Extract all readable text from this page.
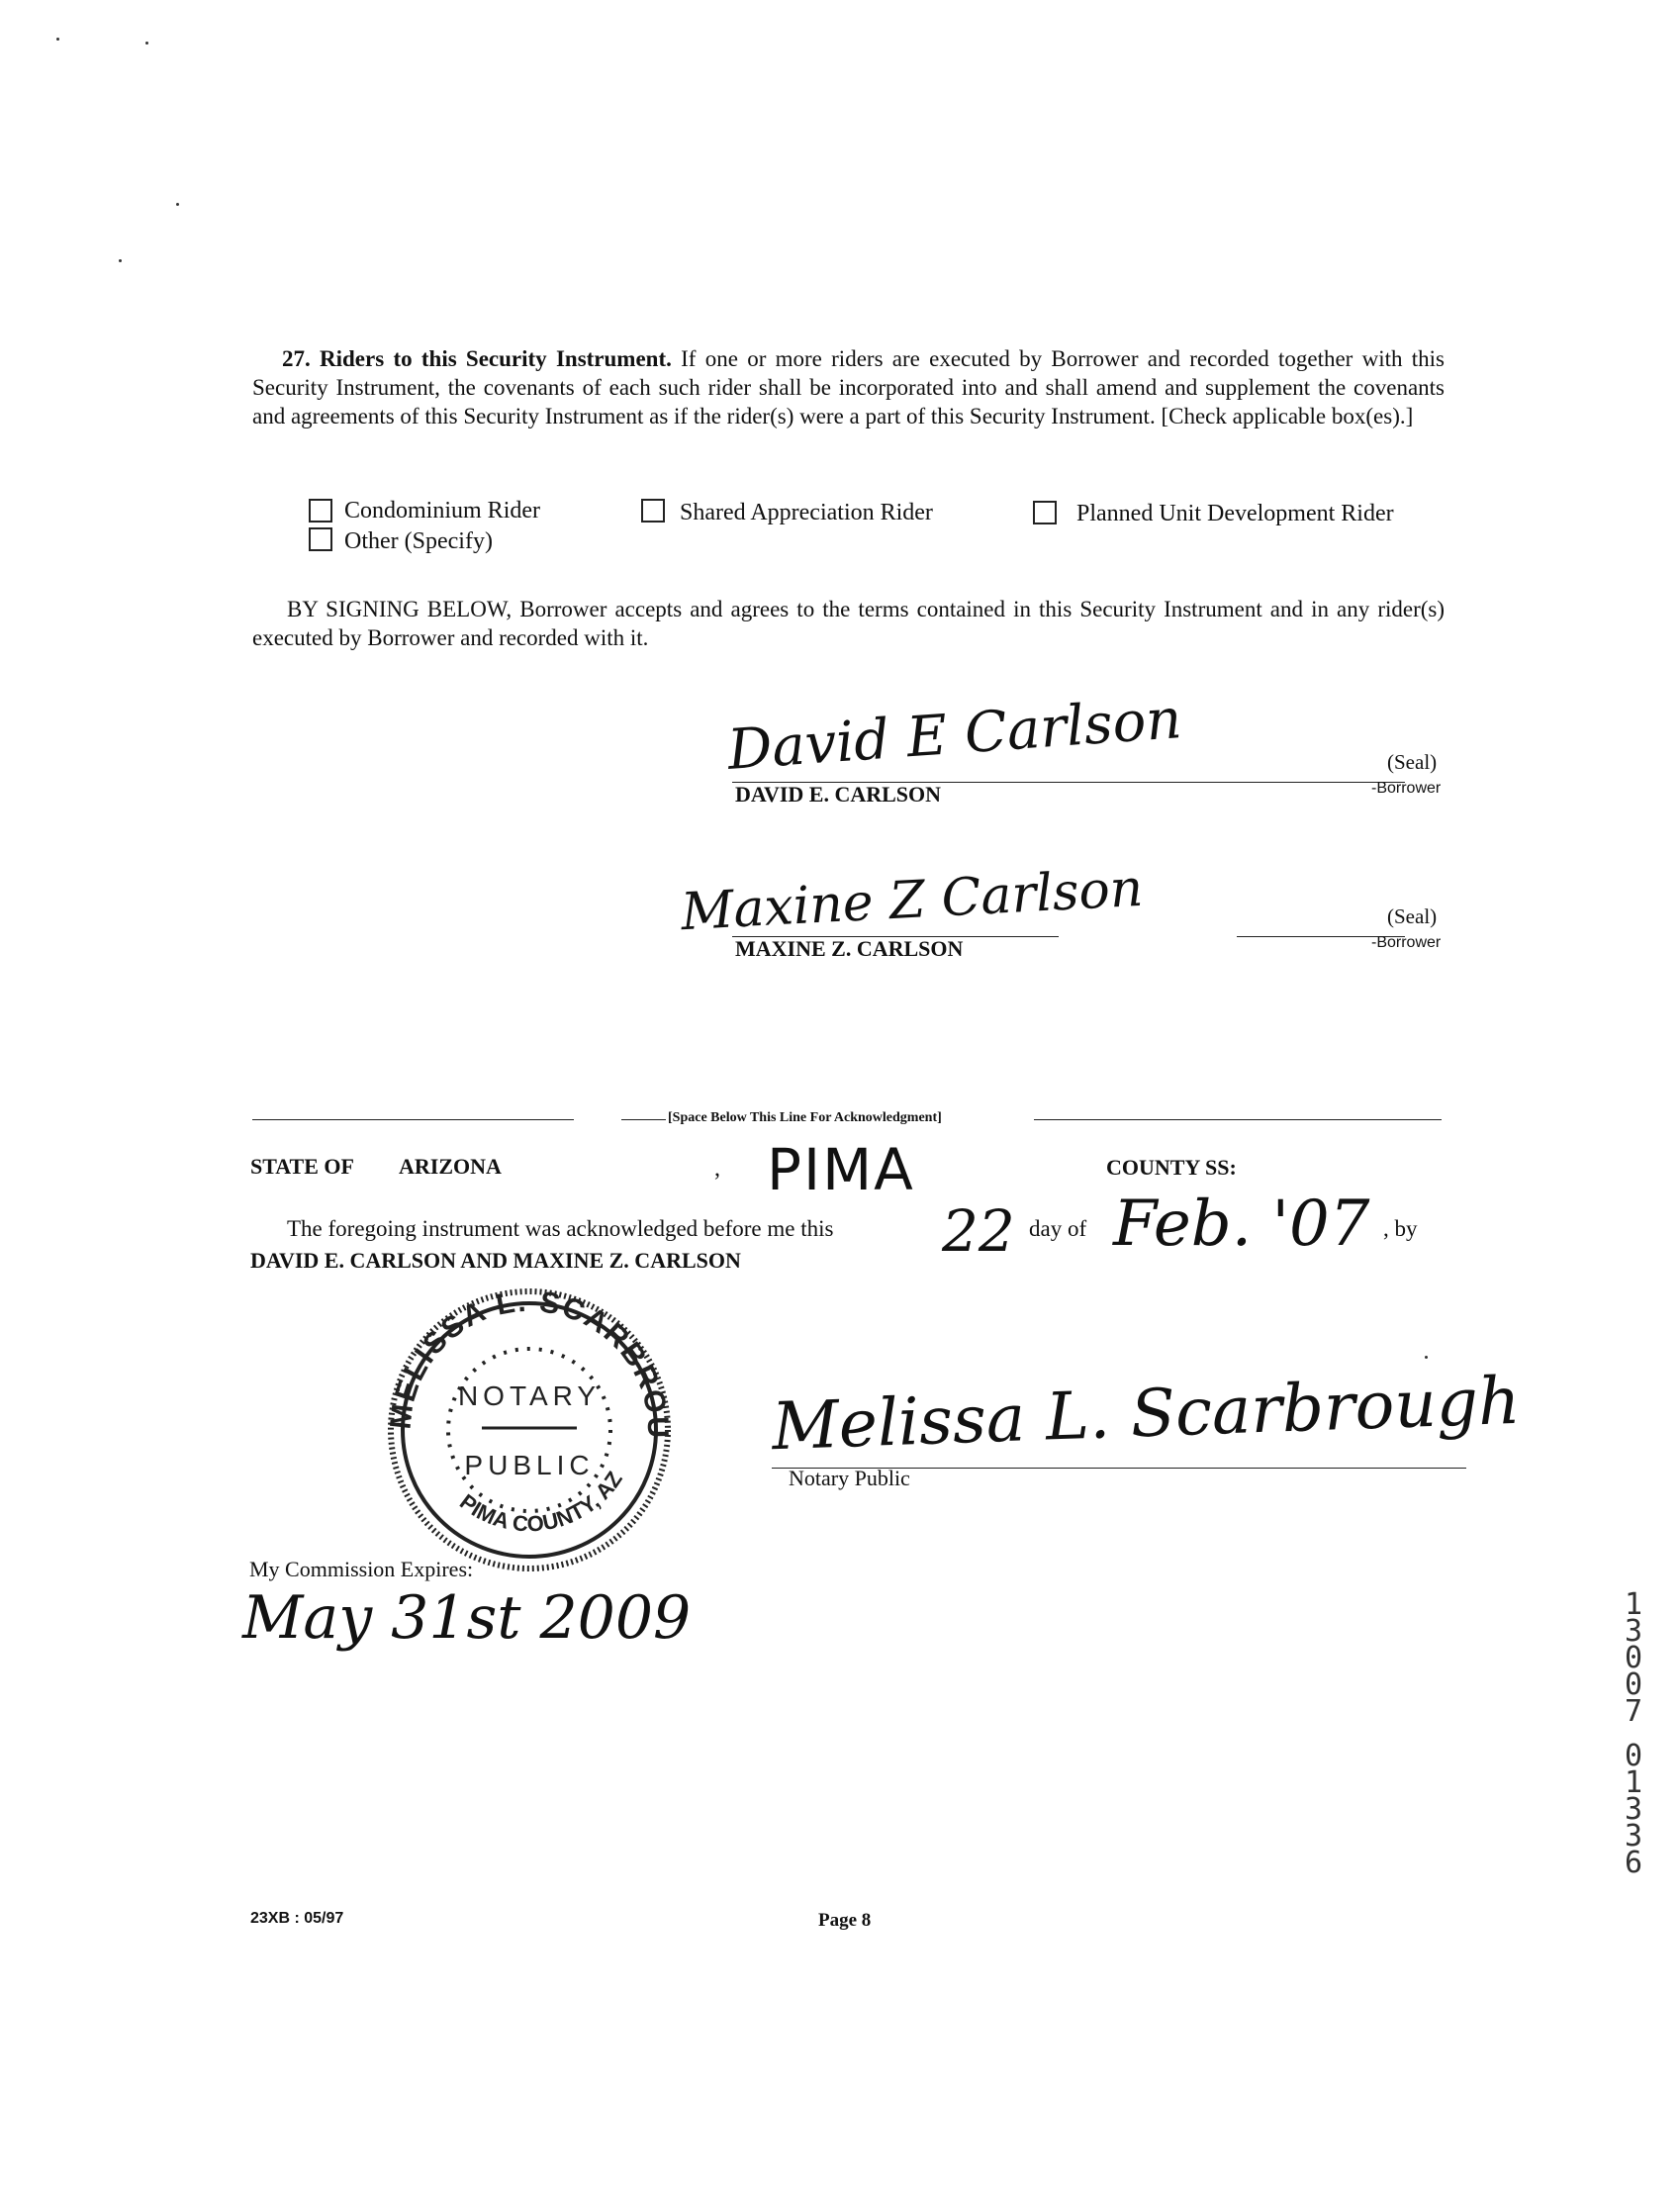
27. Riders to this Security Instrument. If one or more riders are executed by Borrower and recorded together with this Security Instrument, the covenants of each such rider shall be incorporated into and shall amend and supplement the covenants and agreements of this Security Instrument as if the rider(s) were a part of this Security Instrument. [Check applicable box(es).]
Condominium Rider	Shared Appreciation Rider	Planned Unit Development Rider
Other (Specify)
BY SIGNING BELOW, Borrower accepts and agrees to the terms contained in this Security Instrument and in any rider(s) executed by Borrower and recorded with it.
David E Carlson	(Seal)
-Borrower
DAVID E. CARLSON
Maxine Z Carlson	(Seal)
-Borrower
MAXINE Z. CARLSON
[Space Below This Line For Acknowledgment]
STATE OF ARIZONA	, PIMA	COUNTY SS:
The foregoing instrument was acknowledged before me this 22 day of Feb. '07 , by
DAVID E. CARLSON AND MAXINE Z. CARLSON
MELISSA L. SCARBROU
PIMA COUNTY, AZ
NOTARY
PUBLIC
Melissa L. Scarbrough
Notary Public
My Commission Expires:
May 31st 2009	1
3
0
0
7
0
1
3
3
6
23XB : 05/97	Page 8
